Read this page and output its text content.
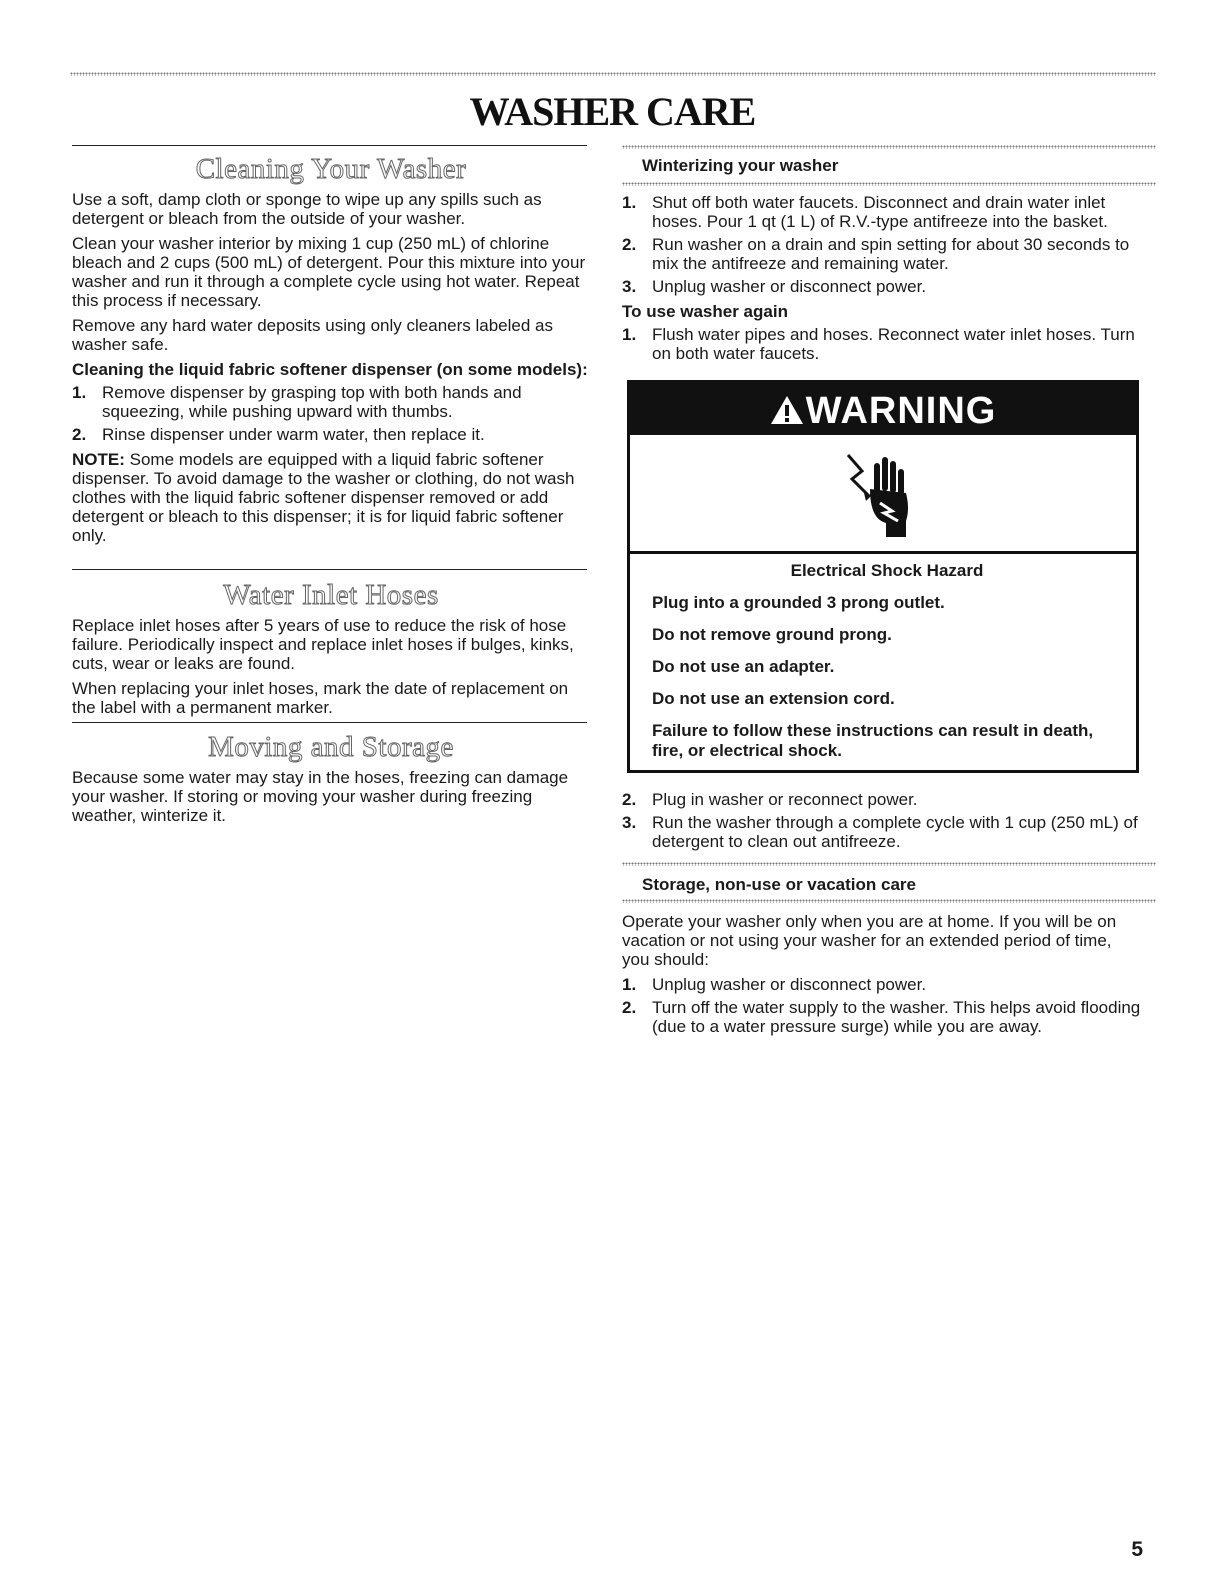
WASHER CARE
Cleaning Your Washer

Use a soft, damp cloth or sponge to wipe up any spills such as detergent or bleach from the outside of your washer.

Clean your washer interior by mixing 1 cup (250 mL) of chlorine bleach and 2 cups (500 mL) of detergent. Pour this mixture into your washer and run it through a complete cycle using hot water. Repeat this process if necessary.

Remove any hard water deposits using only cleaners labeled as washer safe.

Cleaning the liquid fabric softener dispenser (on some models):
1. Remove dispenser by grasping top with both hands and squeezing, while pushing upward with thumbs.
2. Rinse dispenser under warm water, then replace it.

NOTE: Some models are equipped with a liquid fabric softener dispenser. To avoid damage to the washer or clothing, do not wash clothes with the liquid fabric softener dispenser removed or add detergent or bleach to this dispenser; it is for liquid fabric softener only.

Water Inlet Hoses

Replace inlet hoses after 5 years of use to reduce the risk of hose failure. Periodically inspect and replace inlet hoses if bulges, kinks, cuts, wear or leaks are found.

When replacing your inlet hoses, mark the date of replacement on the label with a permanent marker.

Moving and Storage

Because some water may stay in the hoses, freezing can damage your washer. If storing or moving your washer during freezing weather, winterize it.

Winterizing your washer
1. Shut off both water faucets. Disconnect and drain water inlet hoses. Pour 1 qt (1 L) of R.V.-type antifreeze into the basket.
2. Run washer on a drain and spin setting for about 30 seconds to mix the antifreeze and remaining water.
3. Unplug washer or disconnect power.
To use washer again
1. Flush water pipes and hoses. Reconnect water inlet hoses. Turn on both water faucets.
WARNING
Electrical Shock Hazard
Plug into a grounded 3 prong outlet.
Do not remove ground prong.
Do not use an adapter.
Do not use an extension cord.
Failure to follow these instructions can result in death, fire, or electrical shock.
2. Plug in washer or reconnect power.
3. Run the washer through a complete cycle with 1 cup (250 mL) of detergent to clean out antifreeze.
Storage, non-use or vacation care

Operate your washer only when you are at home. If you will be on vacation or not using your washer for an extended period of time, you should:

1. Unplug washer or disconnect power.
2. Turn off the water supply to the washer. This helps avoid flooding (due to a water pressure surge) while you are away.
5
